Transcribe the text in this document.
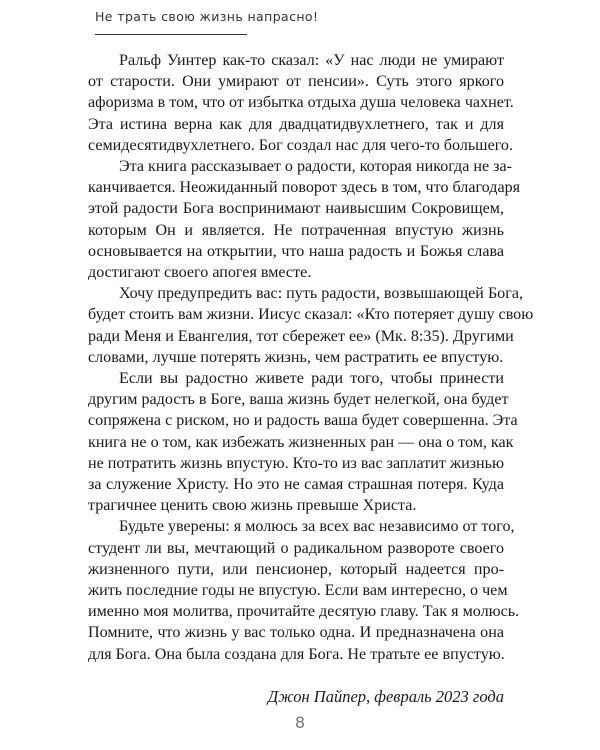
Не трать свою жизнь напрасно!
Ральф Уинтер как-то сказал: «У нас люди не умирают
от старости. Они умирают от пенсии». Суть этого яркого
афоризма в том, что от избытка отдыха душа человека чахнет.
Эта истина верна как для двадцатидвухлетнего, так и для
семидесятидвухлетнего. Бог создал нас для чего-то большего.
Эта книга рассказывает о радости, которая никогда не за-
канчивается. Неожиданный поворот здесь в том, что благодаря
этой радости Бога воспринимают наивысшим Сокровищем,
которым Он и является. Не потраченная впустую жизнь
основывается на открытии, что наша радость и Божья слава
достигают своего апогея вместе.
Хочу предупредить вас: путь радости, возвышающей Бога,
будет стоить вам жизни. Иисус сказал: «Кто потеряет душу свою
ради Меня и Евангелия, тот сбережет ее» (Мк. 8:35). Другими
словами, лучше потерять жизнь, чем растратить ее впустую.
Если вы радостно живете ради того, чтобы принести
другим радость в Боге, ваша жизнь будет нелегкой, она будет
сопряжена с риском, но и радость ваша будет совершенна. Эта
книга не о том, как избежать жизненных ран — она о том, как
не потратить жизнь впустую. Кто-то из вас заплатит жизнью
за служение Христу. Но это не самая страшная потеря. Куда
трагичнее ценить свою жизнь превыше Христа.
Будьте уверены: я молюсь за всех вас независимо от того,
студент ли вы, мечтающий о радикальном развороте своего
жизненного пути, или пенсионер, который надеется про-
жить последние годы не впустую. Если вам интересно, о чем
именно моя молитва, прочитайте десятую главу. Так я молюсь.
Помните, что жизнь у вас только одна. И предназначена она
для Бога. Она была создана для Бога. Не тратьте ее впустую.
Джон Пайпер, февраль 2023 года
8
